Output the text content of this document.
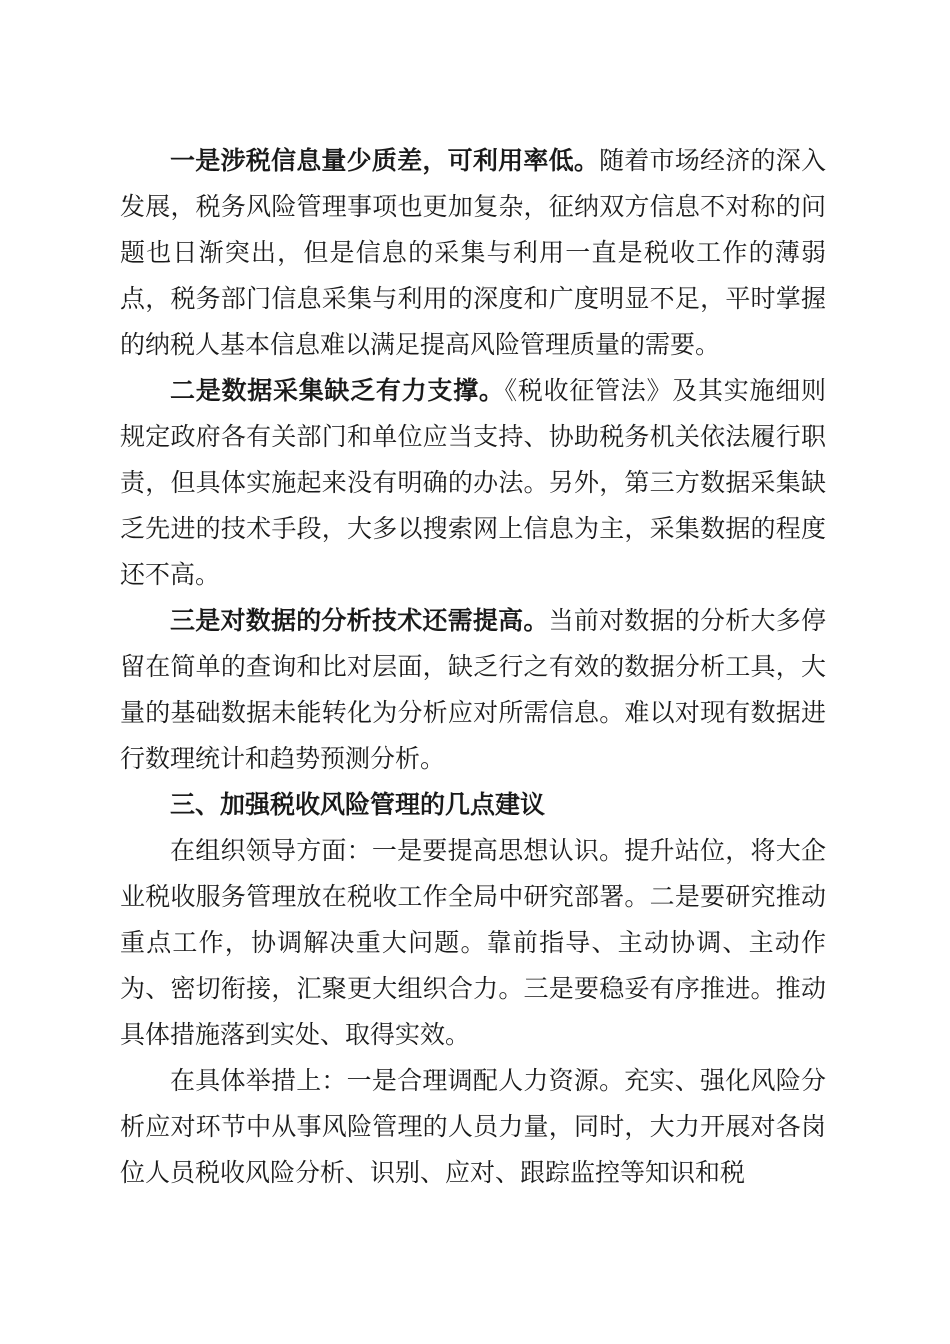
一是涉税信息量少质差，可利用率低。随着市场经济的深入发展，税务风险管理事项也更加复杂，征纳双方信息不对称的问题也日渐突出，但是信息的采集与利用一直是税收工作的薄弱点，税务部门信息采集与利用的深度和广度明显不足，平时掌握的纳税人基本信息难以满足提高风险管理质量的需要。

二是数据采集缺乏有力支撑。《税收征管法》及其实施细则规定政府各有关部门和单位应当支持、协助税务机关依法履行职责，但具体实施起来没有明确的办法。另外，第三方数据采集缺乏先进的技术手段，大多以搜索网上信息为主，采集数据的程度还不高。

三是对数据的分析技术还需提高。当前对数据的分析大多停留在简单的查询和比对层面，缺乏行之有效的数据分析工具，大量的基础数据未能转化为分析应对所需信息。难以对现有数据进行数理统计和趋势预测分析。

三、加强税收风险管理的几点建议

在组织领导方面：一是要提高思想认识。提升站位，将大企业税收服务管理放在税收工作全局中研究部署。二是要研究推动重点工作，协调解决重大问题。靠前指导、主动协调、主动作为、密切衔接，汇聚更大组织合力。三是要稳妥有序推进。推动具体措施落到实处、取得实效。

在具体举措上：一是合理调配人力资源。充实、强化风险分析应对环节中从事风险管理的人员力量，同时，大力开展对各岗位人员税收风险分析、识别、应对、跟踪监控等知识和税
